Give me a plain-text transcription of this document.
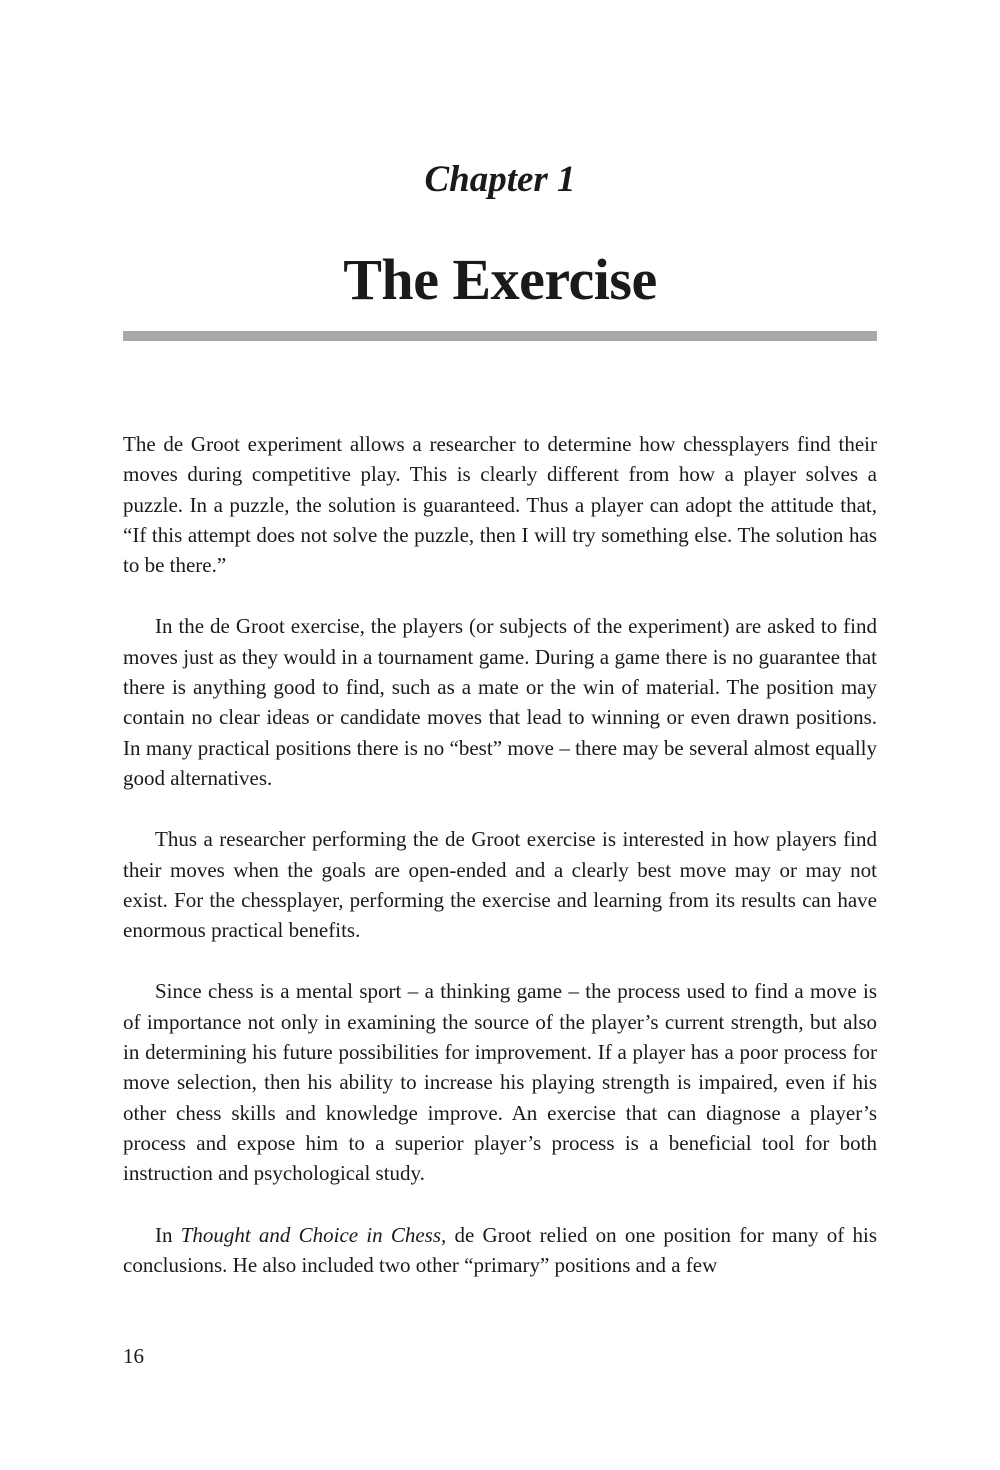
Chapter 1
The Exercise

The de Groot experiment allows a researcher to determine how chessplayers find their moves during competitive play. This is clearly different from how a player solves a puzzle. In a puzzle, the solution is guaranteed. Thus a player can adopt the attitude that, “If this attempt does not solve the puzzle, then I will try something else. The solution has to be there.”

In the de Groot exercise, the players (or subjects of the experiment) are asked to find moves just as they would in a tournament game. During a game there is no guarantee that there is anything good to find, such as a mate or the win of material. The position may contain no clear ideas or candidate moves that lead to winning or even drawn positions. In many practical positions there is no “best” move – there may be several almost equally good alternatives.

Thus a researcher performing the de Groot exercise is interested in how players find their moves when the goals are open-ended and a clearly best move may or may not exist. For the chessplayer, performing the exercise and learning from its results can have enormous practical benefits.

Since chess is a mental sport – a thinking game – the process used to find a move is of importance not only in examining the source of the player’s current strength, but also in determining his future possibilities for improvement. If a player has a poor process for move selection, then his ability to increase his playing strength is impaired, even if his other chess skills and knowledge improve. An exercise that can diagnose a player’s process and expose him to a superior player’s process is a beneficial tool for both instruction and psychological study.

In Thought and Choice in Chess, de Groot relied on one position for many of his conclusions. He also included two other “primary” positions and a few

16
